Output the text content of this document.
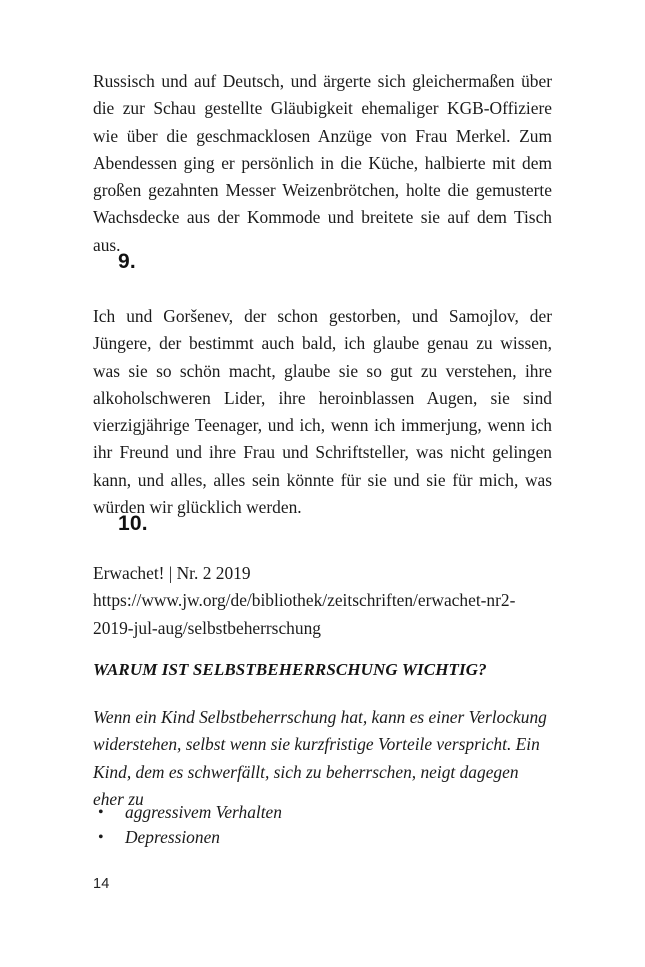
Russisch und auf Deutsch, und ärgerte sich gleichermaßen über die zur Schau gestellte Gläubigkeit ehemaliger KGB-Offiziere wie über die geschmacklosen Anzüge von Frau Merkel. Zum Abendessen ging er persönlich in die Küche, halbierte mit dem großen gezahnten Messer Weizenbrötchen, holte die gemusterte Wachsdecke aus der Kommode und breitete sie auf dem Tisch aus.

9.

Ich und Goršenev, der schon gestorben, und Samojlov, der Jüngere, der bestimmt auch bald, ich glaube genau zu wissen, was sie so schön macht, glaube sie so gut zu verstehen, ihre alkoholschweren Lider, ihre heroinblassen Augen, sie sind vierzigjährige Teenager, und ich, wenn ich immerjung, wenn ich ihr Freund und ihre Frau und Schriftsteller, was nicht gelingen kann, und alles, alles sein könnte für sie und sie für mich, was würden wir glücklich werden.

10.
Erwachet! | Nr. 2 2019
https://www.jw.org/de/bibliothek/zeitschriften/erwachet-nr2-2019-jul-aug/selbstbeherrschung
WARUM IST SELBSTBEHERRSCHUNG WICHTIG?

Wenn ein Kind Selbstbeherrschung hat, kann es einer Verlockung widerstehen, selbst wenn sie kurzfristige Vorteile verspricht. Ein Kind, dem es schwerfällt, sich zu beherrschen, neigt dagegen eher zu

• aggressivem Verhalten
• Depressionen
14
